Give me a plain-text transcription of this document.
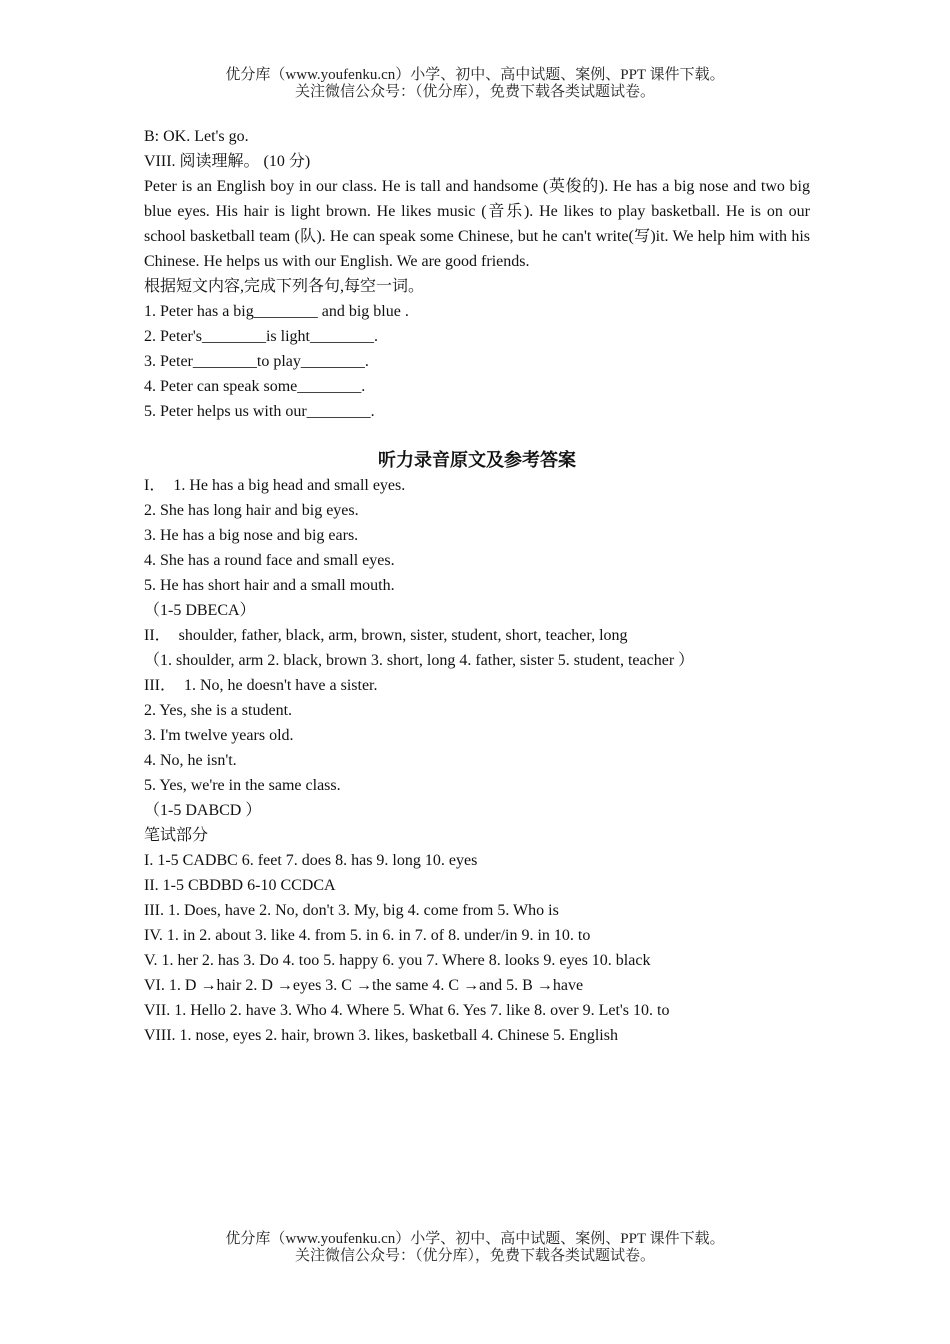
优分库（www.youfenku.cn）小学、初中、高中试题、案例、PPT 课件下载。
关注微信公众号：（优分库），免费下载各类试题试卷。
B: OK. Let's go.
VIII. 阅读理解。 (10 分)
Peter is an English boy in our class. He is tall and handsome (英俊的). He has a big nose and two big blue eyes. His hair is light brown. He likes music (音乐). He likes to play basketball. He is on our school basketball team (队). He can speak some Chinese, but he can't write(写)it. We help him with his Chinese. He helps us with our English. We are good friends.
根据短文内容,完成下列各句,每空一词。
1. Peter has a big________ and big blue .
2. Peter's________is light________.
3. Peter________to play________.
4. Peter can speak some________.
5. Peter helps us with our________.
听力录音原文及参考答案
I．  1. He has a big head and small eyes.
2. She has long hair and big eyes.
3. He has a big nose and big ears.
4. She has a round face and small eyes.
5. He has short hair and a small mouth.
（1-5 DBECA）
II．  shoulder, father, black, arm, brown, sister, student, short, teacher, long
（1. shoulder, arm 2. black, brown 3. short, long 4. father, sister 5. student, teacher ）
III．  1. No, he doesn't have a sister.
2. Yes, she is a student.
3. I'm twelve years old.
4. No, he isn't.
5. Yes, we're in the same class.
（1-5 DABCD ）
笔试部分
I. 1-5 CADBC 6. feet 7. does 8. has 9. long 10. eyes
II. 1-5 CBDBD 6-10 CCDCA
III. 1. Does, have 2. No, don't 3. My, big 4. come from 5. Who is
IV. 1. in 2. about 3. like 4. from 5. in 6. in 7. of 8. under/in 9. in 10. to
V. 1. her 2. has 3. Do 4. too 5. happy 6. you 7. Where 8. looks 9. eyes 10. black
VI. 1. D →hair 2. D →eyes 3. C →the same 4. C →and 5. B →have
VII. 1. Hello 2. have 3. Who 4. Where 5. What 6. Yes 7. like 8. over 9. Let's 10. to
VIII. 1. nose, eyes 2. hair, brown 3. likes, basketball 4. Chinese 5. English
优分库（www.youfenku.cn）小学、初中、高中试题、案例、PPT 课件下载。
关注微信公众号：（优分库），免费下载各类试题试卷。
